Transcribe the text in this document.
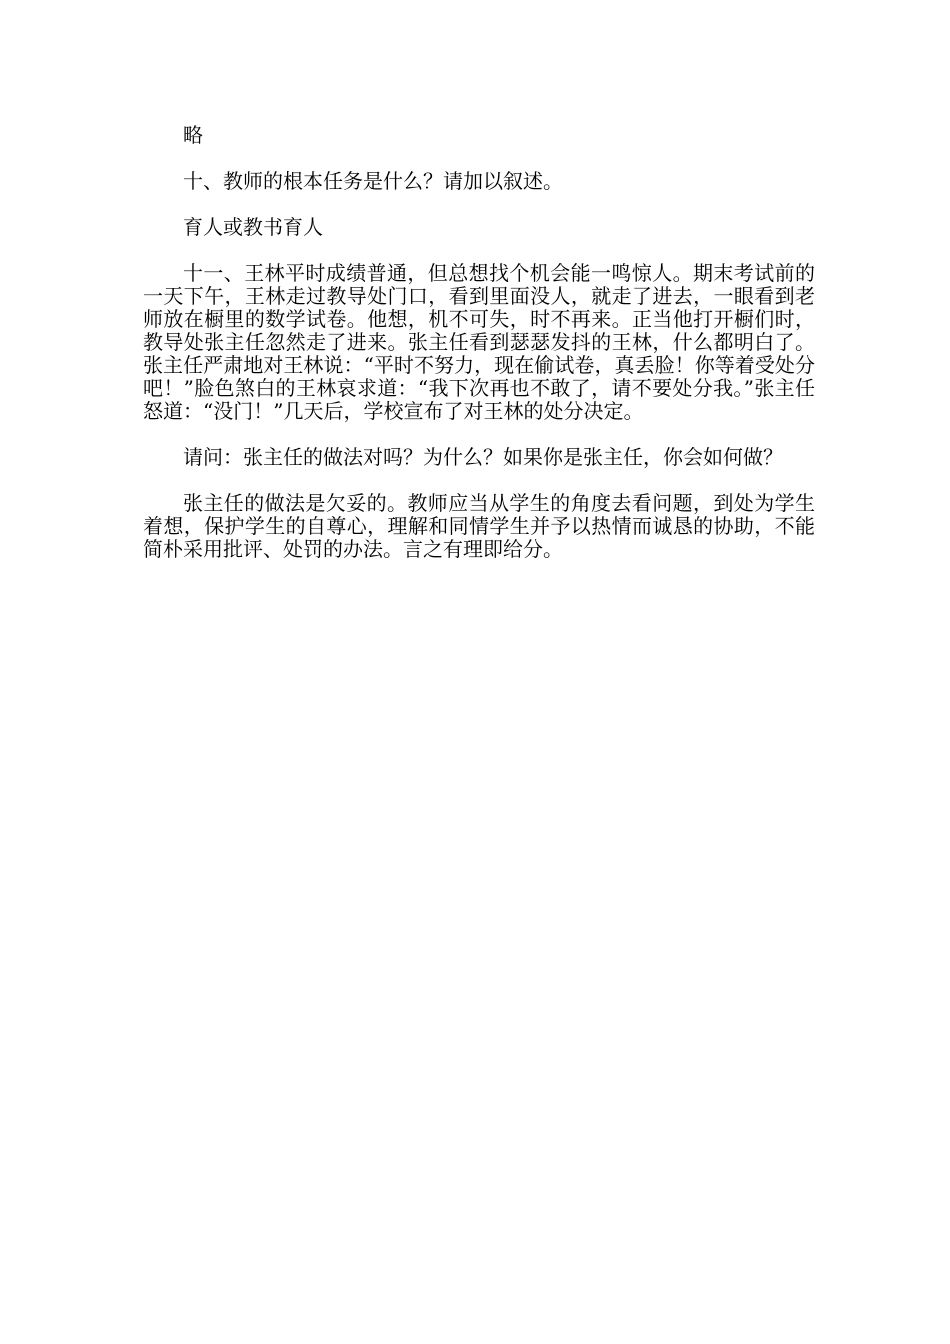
略

十、教师的根本任务是什么？请加以叙述。

育人或教书育人

十一、王林平时成绩普通，但总想找个机会能一鸣惊人。期末考试前的一天下午，王林走过教导处门口，看到里面没人，就走了进去，一眼看到老师放在橱里的数学试卷。他想，机不可失，时不再来。正当他打开橱们时，教导处张主任忽然走了进来。张主任看到瑟瑟发抖的王林，什么都明白了。张主任严肃地对王林说：“平时不努力，现在偷试卷，真丢脸！你等着受处分吧！”脸色煞白的王林哀求道：“我下次再也不敢了，请不要处分我。”张主任怒道：“没门！”几天后，学校宣布了对王林的处分决定。

请问：张主任的做法对吗？为什么？如果你是张主任，你会如何做？

张主任的做法是欠妥的。教师应当从学生的角度去看问题，到处为学生着想，保护学生的自尊心，理解和同情学生并予以热情而诚恳的协助，不能简朴采用批评、处罚的办法。言之有理即给分。
